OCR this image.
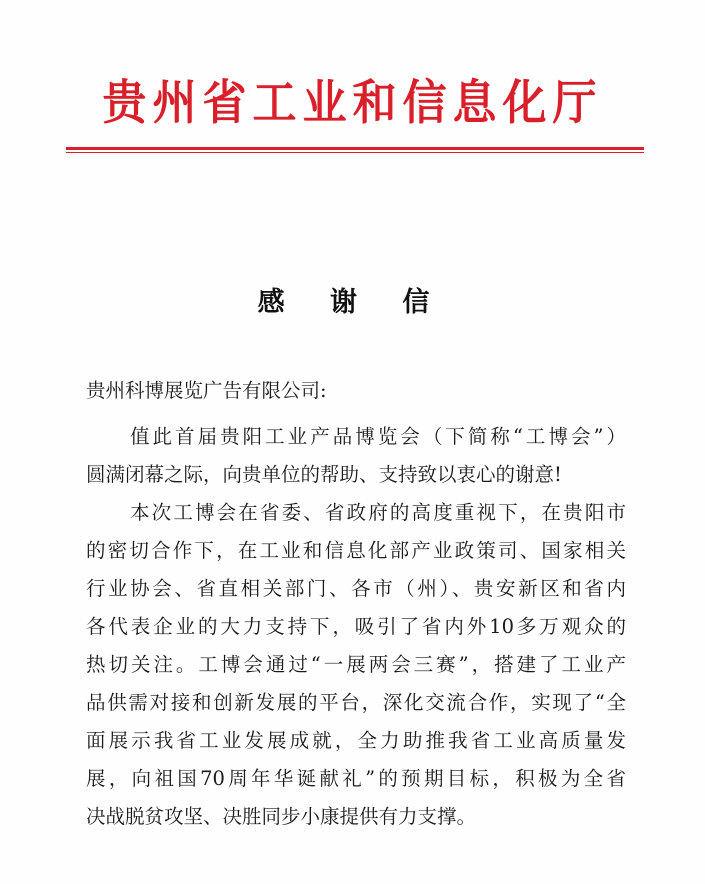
贵州省工业和信息化厅
感 谢 信
贵州科博展览广告有限公司:
值此首届贵阳工业产品博览会（下简称“工博会”）
圆满闭幕之际，向贵单位的帮助、支持致以衷心的谢意!
本次工博会在省委、省政府的高度重视下，在贵阳市
的密切合作下，在工业和信息化部产业政策司、国家相关
行业协会、省直相关部门、各市（州）、贵安新区和省内
各代表企业的大力支持下，吸引了省内外10多万观众的
热切关注。工博会通过“一展两会三赛”，搭建了工业产
品供需对接和创新发展的平台，深化交流合作，实现了“全
面展示我省工业发展成就，全力助推我省工业高质量发
展，向祖国70周年华诞献礼”的预期目标，积极为全省
决战脱贫攻坚、决胜同步小康提供有力支撑。
